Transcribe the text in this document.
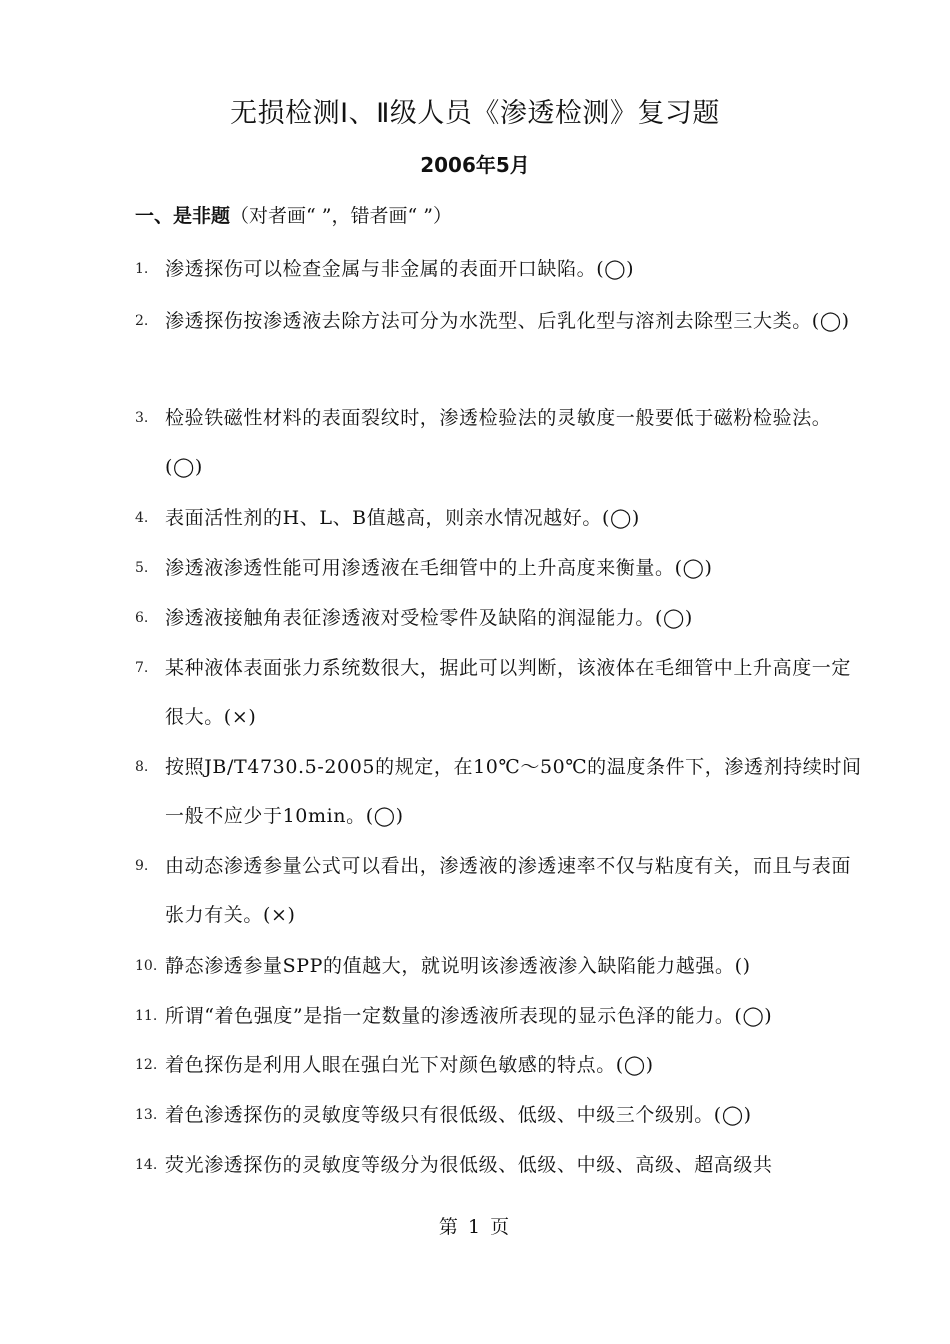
无损检测Ⅰ、Ⅱ级人员《渗透检测》复习题
2006年5月
一、是非题（对者画“ ”，错者画“ ”）
1. 渗透探伤可以检查金属与非金属的表面开口缺陷。(◯)
2. 渗透探伤按渗透液去除方法可分为水洗型、后乳化型与溶剂去除型三大类。(◯)
3. 检验铁磁性材料的表面裂纹时，渗透检验法的灵敏度一般要低于磁粉检验法。(◯)
4. 表面活性剂的H、L、B值越高，则亲水情况越好。(◯)
5. 渗透液渗透性能可用渗透液在毛细管中的上升高度来衡量。(◯)
6. 渗透液接触角表征渗透液对受检零件及缺陷的润湿能力。(◯)
7. 某种液体表面张力系统数很大，据此可以判断，该液体在毛细管中上升高度一定很大。(×)
8. 按照JB/T4730.5-2005的规定，在10℃～50℃的温度条件下，渗透剂持续时间一般不应少于10min。(◯)
9. 由动态渗透参量公式可以看出，渗透液的渗透速率不仅与粘度有关，而且与表面张力有关。(×)
10. 静态渗透参量SPP的值越大，就说明该渗透液渗入缺陷能力越强。()
11. 所谓“着色强度”是指一定数量的渗透液所表现的显示色泽的能力。(◯)
12. 着色探伤是利用人眼在强白光下对颜色敏感的特点。(◯)
13. 着色渗透探伤的灵敏度等级只有很低级、低级、中级三个级别。(◯)
14. 荧光渗透探伤的灵敏度等级分为很低级、低级、中级、高级、超高级共
第 1 页
